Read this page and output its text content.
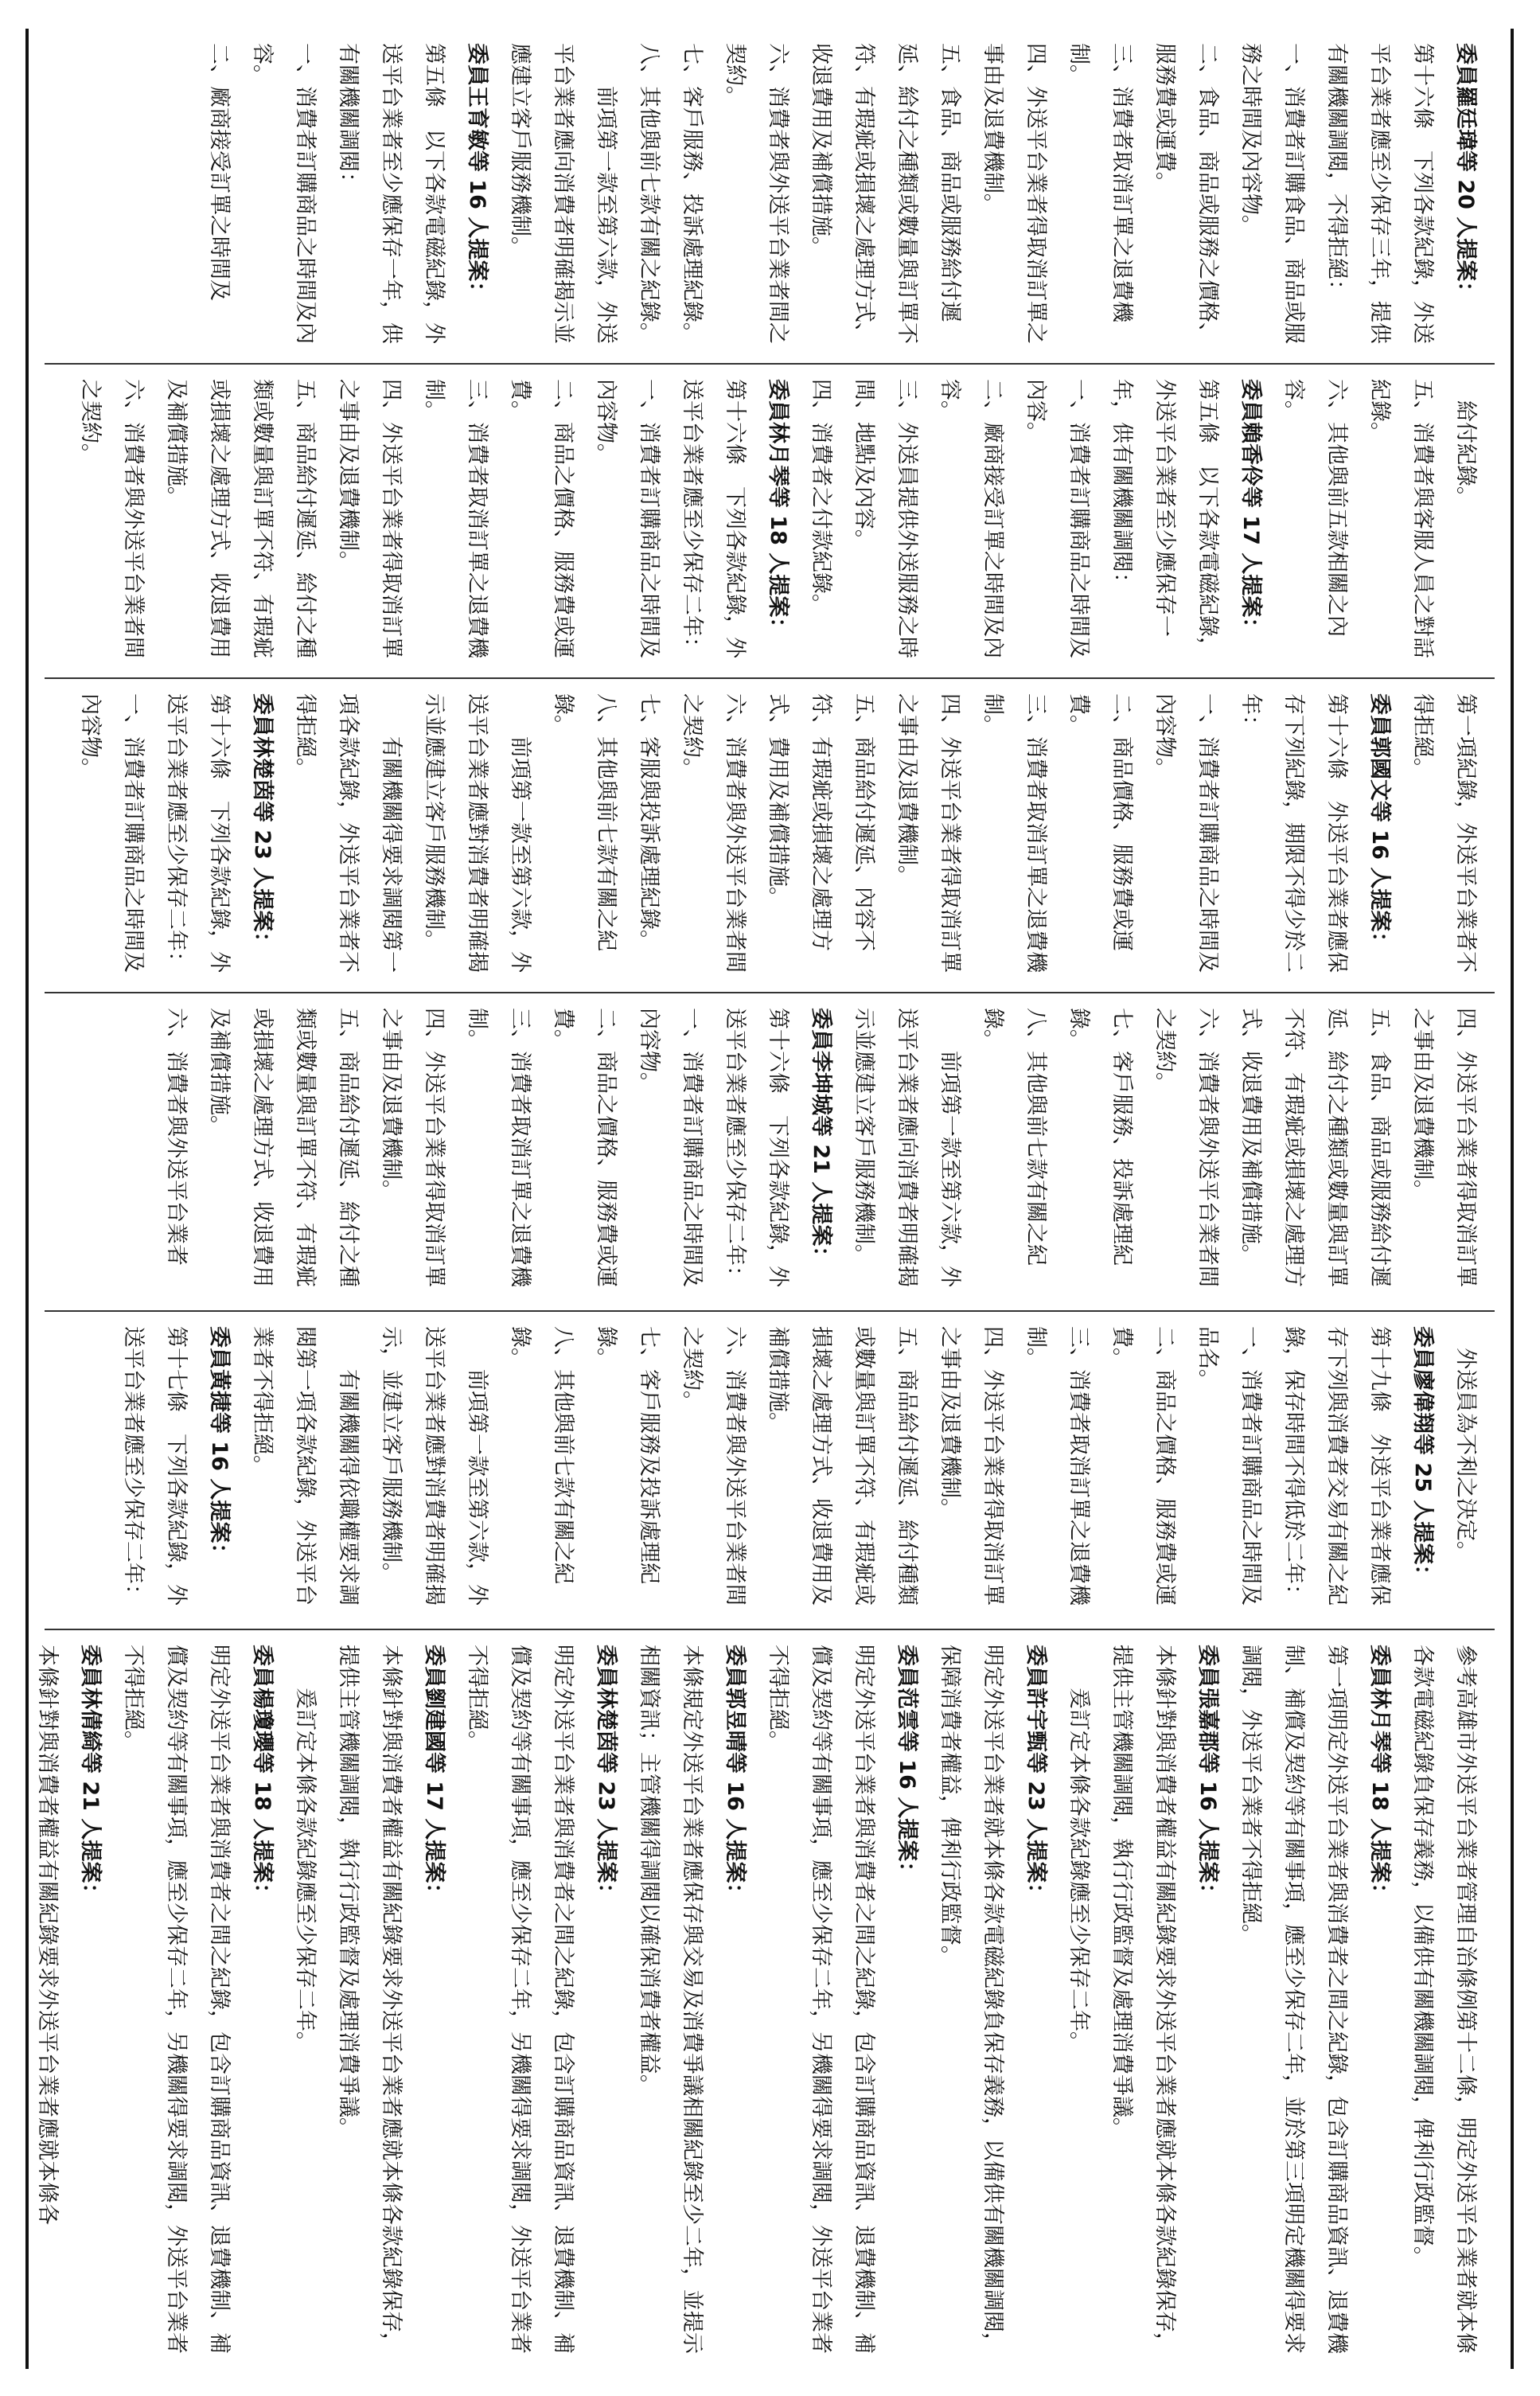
委員羅廷瑋等 20 人提案：

第十六條　下列各款紀錄，外送平台業者應至少保存三年，提供有關機關調閱，不得拒絕：

一、消費者訂購食品、商品或服務之時間及內容物。

二、食品、商品或服務之價格、服務費或運費。

三、消費者取消訂單之退費機制。

四、外送平台業者得取消訂單之事由及退費機制。

五、食品、商品或服務給付遲延、給付之種類或數量與訂單不符、有瑕疵或損壞之處理方式、收退費用及補償措施。

六、消費者與外送平台業者間之契約。

七、客戶服務、投訴處理紀錄。

八、其他與前七款有關之紀錄。

　　前項第一款至第六款，外送平台業者應向消費者明確揭示並應建立客戶服務機制。

委員王育敏等 16 人提案：

第五條　以下各款電磁紀錄，外送平台業者至少應保存一年，供有關機關調閱：

一、消費者訂購商品之時間及內容。

二、廠商接受訂單之時間及

　給付紀錄。

五、消費者與客服人員之對話紀錄。

六、其他與前五款相關之內容。

委員賴香伶等 17 人提案：

第五條　以下各款電磁紀錄，外送平台業者至少應保存一年，供有關機關調閱：

一、消費者訂購商品之時間及內容。

二、廠商接受訂單之時間及內容。

三、外送員提供外送服務之時間、地點及內容。

四、消費者之付款紀錄。

委員林月琴等 18 人提案：

第十六條　下列各款紀錄，外送平台業者應至少保存二年：

一、消費者訂購商品之時間及內容物。

二、商品之價格、服務費或運費。

三、消費者取消訂單之退費機制。

四、外送平台業者得取消訂單之事由及退費機制。

五、商品給付遲延、給付之種類或數量與訂單不符、有瑕疵或損壞之處理方式、收退費用及補償措施。

六、消費者與外送平台業者間之契約。

第一項紀錄，外送平台業者不得拒絕。

委員郭國文等 16 人提案：

第十六條　外送平台業者應保存下列紀錄，期限不得少於二年：

一、消費者訂購商品之時間及內容物。

二、商品價格、服務費或運費。

三、消費者取消訂單之退費機制。

四、外送平台業者得取消訂單之事由及退費機制。

五、商品給付遲延、內容不符、有瑕疵或損壞之處理方式、費用及補償措施。

六、消費者與外送平台業者間之契約。

七、客服與投訴處理紀錄。

八、其他與前七款有關之紀錄。

　　前項第一款至第六款，外送平台業者應對消費者明確揭示並應建立客戶服務機制。

　　有關機關得要求調閱第一項各款紀錄，外送平台業者不得拒絕。

委員林楚茵等 23 人提案：

第十六條　下列各款紀錄，外送平台業者應至少保存二年：

一、消費者訂購商品之時間及內容物。

四、外送平台業者得取消訂單之事由及退費機制。

五、食品、商品或服務給付遲延、給付之種類或數量與訂單不符、有瑕疵或損壞之處理方式、收退費用及補償措施。

六、消費者與外送平台業者間之契約。

七、客戶服務、投訴處理紀錄。

八、其他與前七款有關之紀錄。

　　前項第一款至第六款，外送平台業者應向消費者明確揭示並應建立客戶服務機制。

委員李坤城等 21 人提案：

第十六條　下列各款紀錄，外送平台業者應至少保存二年：

一、消費者訂購商品之時間及內容物。

二、商品之價格、服務費或運費。

三、消費者取消訂單之退費機制。

四、外送平台業者得取消訂單之事由及退費機制。

五、商品給付遲延、給付之種類或數量與訂單不符、有瑕疵或損壞之處理方式、收退費用及補償措施。

六、消費者與外送平台業者

　外送員為不利之決定。

委員廖偉翔等 25 人提案：

第十九條　外送平台業者應保存下列與消費者交易有關之紀錄，保存時間不得低於二年：

一、消費者訂購商品之時間及品名。

二、商品之價格、服務費或運費。

三、消費者取消訂單之退費機制。

四、外送平台業者得取消訂單之事由及退費機制。

五、商品給付遲延、給付種類或數量與訂單不符、有瑕疵或損壞之處理方式、收退費用及補償措施。

六、消費者與外送平台業者間之契約。

七、客戶服務及投訴處理紀錄。

八、其他與前七款有關之紀錄。

　　前項第一款至第六款，外送平台業者應對消費者明確揭示，並建立客戶服務機制。

　　有關機關得依職權要求調閱第一項各款紀錄，外送平台業者不得拒絕。

委員黃捷等 16 人提案：

第十七條　下列各款紀錄，外送平台業者應至少保存二年：

參考高雄市外送平台業者管理自治條例第十二條，明定外送平台業者就本條各款電磁紀錄負保存義務，以備供有關機關調閱，俾利行政監督。

委員林月琴等 18 人提案：

第一項明定外送平台業者與消費者之間之紀錄，包含訂購商品資訊、退費機制、補償及契約等有關事項，應至少保存二年，並於第三項明定機關得要求調閱，外送平台業者不得拒絕。

委員張嘉郡等 16 人提案：

本條針對與消費者權益有關紀錄要求外送平台業者應就本條各款紀錄保存，提供主管機關調閱，執行行政監督及處理消費爭議。

　　爰訂定本條各款紀錄應至少保存二年。

委員許宇甄等 23 人提案：

明定外送平台業者就本條各款電磁紀錄負保存義務，以備供有關機關調閱，保障消費者權益，俾利行政監督。

委員范雲等 16 人提案：

明定外送平台業者與消費者之間之紀錄，包含訂購商品資訊、退費機制、補償及契約等有關事項，應至少保存二年，另機關得要求調閱，外送平台業者不得拒絕。

委員郭昱晴等 16 人提案：

本條規定外送平台業者應保存與交易及消費爭議相關紀錄至少二年，並提示相關資訊；主管機關得調閱以確保消費者權益。

委員林楚茵等 23 人提案：

明定外送平台業者與消費者之間之紀錄，包含訂購商品資訊、退費機制、補償及契約等有關事項，應至少保存二年，另機關得要求調閱，外送平台業者不得拒絕。

委員劉建國等 17 人提案：

本條針對與消費者權益有關紀錄要求外送平台業者應就本條各款紀錄保存，提供主管機關調閱，執行行政監督及處理消費爭議。

　　爰訂定本條各款紀錄應至少保存二年。

委員楊瓊瓔等 18 人提案：

明定外送平台業者與消費者之間之紀錄，包含訂購商品資訊、退費機制、補償及契約等有關事項，應至少保存二年，另機關得要求調閱，外送平台業者不得拒絕。

委員林倩綺等 21 人提案：

本條針對與消費者權益有關紀錄要求外送平台業者應就本條各
